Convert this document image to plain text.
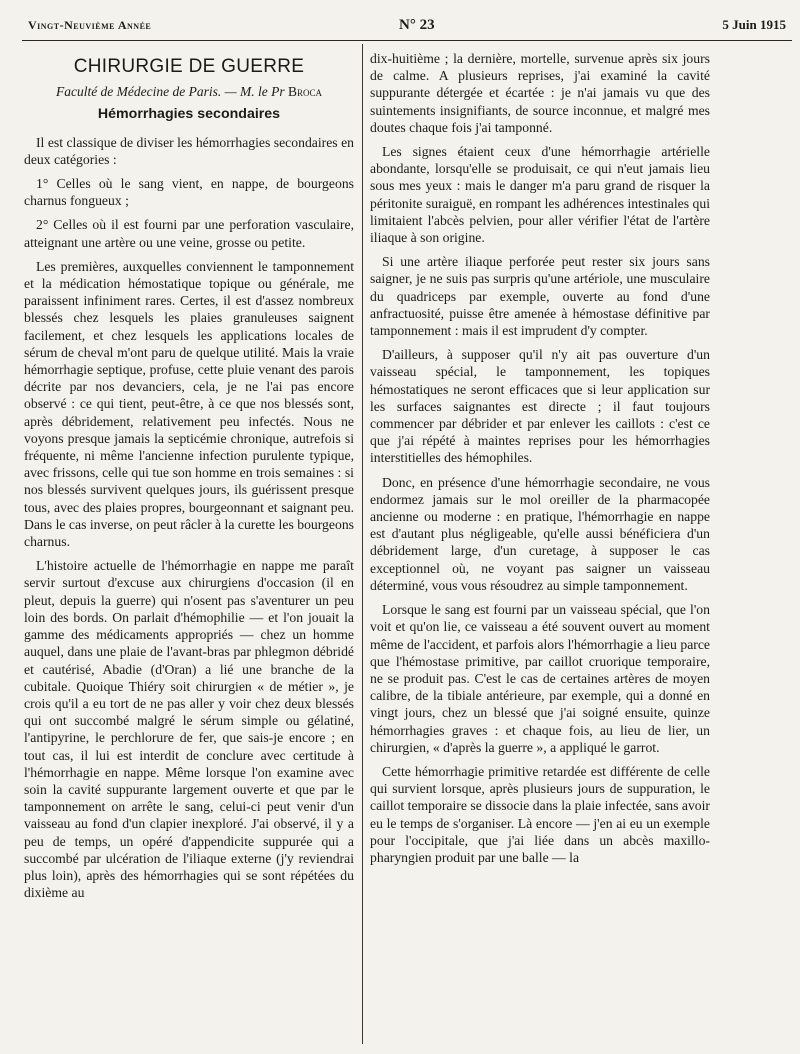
Vingt-Neuvième Année	N° 23	5 Juin 1915
CHIRURGIE DE GUERRE
Faculté de Médecine de Paris. — M. le Pr Broca
Hémorrhagies secondaires

Il est classique de diviser les hémorrhagies secondaires en deux catégories :

1° Celles où le sang vient, en nappe, de bourgeons charnus fongueux ;

2° Celles où il est fourni par une perforation vasculaire, atteignant une artère ou une veine, grosse ou petite.

Les premières, auxquelles conviennent le tamponnement et la médication hémostatique topique ou générale, me paraissent infiniment rares. Certes, il est d'assez nombreux blessés chez lesquels les plaies granuleuses saignent facilement, et chez lesquels les applications locales de sérum de cheval m'ont paru de quelque utilité. Mais la vraie hémorrhagie septique, profuse, cette pluie venant des parois décrite par nos devanciers, cela, je ne l'ai pas encore observé : ce qui tient, peut-être, à ce que nos blessés sont, après débridement, relativement peu infectés. Nous ne voyons presque jamais la septicémie chronique, autrefois si fréquente, ni même l'ancienne infection purulente typique, avec frissons, celle qui tue son homme en trois semaines : si nos blessés survivent quelques jours, ils guérissent presque tous, avec des plaies propres, bourgeonnant et saignant peu. Dans le cas inverse, on peut râcler à la curette les bourgeons charnus.

L'histoire actuelle de l'hémorrhagie en nappe me paraît servir surtout d'excuse aux chirurgiens d'occasion (il en pleut, depuis la guerre) qui n'osent pas s'aventurer un peu loin des bords. On parlait d'hémophilie — et l'on jouait la gamme des médicaments appropriés — chez un homme auquel, dans une plaie de l'avant-bras par phlegmon débridé et cautérisé, Abadie (d'Oran) a lié une branche de la cubitale. Quoique Thiéry soit chirurgien « de métier », je crois qu'il a eu tort de ne pas aller y voir chez deux blessés qui ont succombé malgré le sérum simple ou gélatiné, l'antipyrine, le perchlorure de fer, que sais-je encore ; en tout cas, il lui est interdit de conclure avec certitude à l'hémorrhagie en nappe. Même lorsque l'on examine avec soin la cavité suppurante largement ouverte et que par le tamponnement on arrête le sang, celui-ci peut venir d'un vaisseau au fond d'un clapier inexploré. J'ai observé, il y a peu de temps, un opéré d'appendicite suppurée qui a succombé par ulcération de l'iliaque externe (j'y reviendrai plus loin), après des hémorrhagies qui se sont répétées du dixième au

dix-huitième ; la dernière, mortelle, survenue après six jours de calme. A plusieurs reprises, j'ai examiné la cavité suppurante détergée et écartée : je n'ai jamais vu que des suintements insignifiants, de source inconnue, et malgré mes doutes chaque fois j'ai tamponné.

Les signes étaient ceux d'une hémorrhagie artérielle abondante, lorsqu'elle se produisait, ce qui n'eut jamais lieu sous mes yeux : mais le danger m'a paru grand de risquer la péritonite suraiguë, en rompant les adhérences intestinales qui limitaient l'abcès pelvien, pour aller vérifier l'état de l'artère iliaque à son origine.

Si une artère iliaque perforée peut rester six jours sans saigner, je ne suis pas surpris qu'une artériole, une musculaire du quadriceps par exemple, ouverte au fond d'une anfractuosité, puisse être amenée à hémostase définitive par tamponnement : mais il est imprudent d'y compter.

D'ailleurs, à supposer qu'il n'y ait pas ouverture d'un vaisseau spécial, le tamponnement, les topiques hémostatiques ne seront efficaces que si leur application sur les surfaces saignantes est directe ; il faut toujours commencer par débrider et par enlever les caillots : c'est ce que j'ai répété à maintes reprises pour les hémorrhagies interstitielles des hémophiles.

Donc, en présence d'une hémorrhagie secondaire, ne vous endormez jamais sur le mol oreiller de la pharmacopée ancienne ou moderne : en pratique, l'hémorrhagie en nappe est d'autant plus négligeable, qu'elle aussi bénéficiera d'un débridement large, d'un curetage, à supposer le cas exceptionnel où, ne voyant pas saigner un vaisseau déterminé, vous vous résoudrez au simple tamponnement.

Lorsque le sang est fourni par un vaisseau spécial, que l'on voit et qu'on lie, ce vaisseau a été souvent ouvert au moment même de l'accident, et parfois alors l'hémorrhagie a lieu parce que l'hémostase primitive, par caillot cruorique temporaire, ne se produit pas. C'est le cas de certaines artères de moyen calibre, de la tibiale antérieure, par exemple, qui a donné en vingt jours, chez un blessé que j'ai soigné ensuite, quinze hémorrhagies graves : et chaque fois, au lieu de lier, un chirurgien, « d'après la guerre », a appliqué le garrot.

Cette hémorrhagie primitive retardée est différente de celle qui survient lorsque, après plusieurs jours de suppuration, le caillot temporaire se dissocie dans la plaie infectée, sans avoir eu le temps de s'organiser. Là encore — j'en ai eu un exemple pour l'occipitale, que j'ai liée dans un abcès maxillo-pharyngien produit par une balle — la
